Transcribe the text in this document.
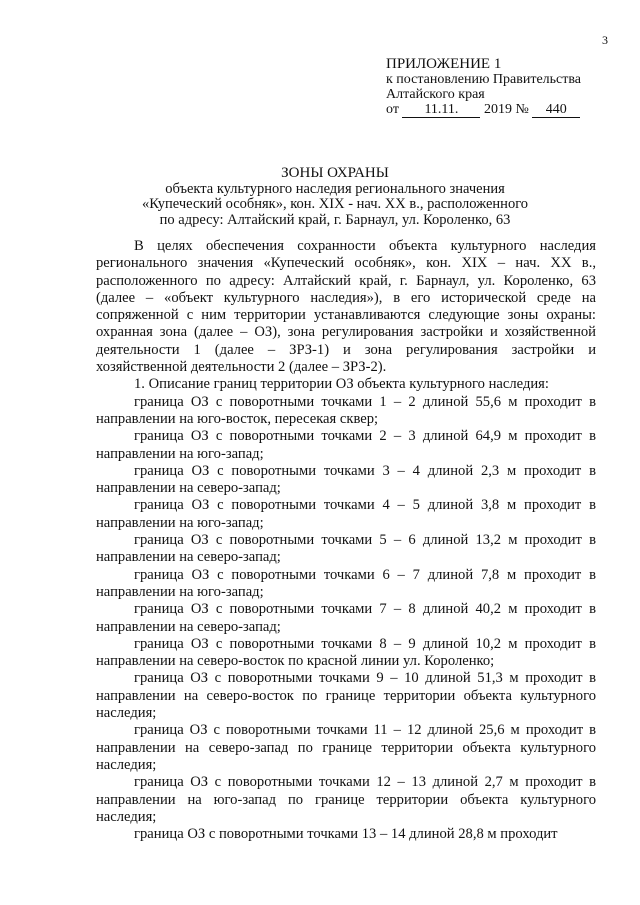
3
ПРИЛОЖЕНИЕ 1
к постановлению Правительства
Алтайского края
от 11.11. 2019 № 440
ЗОНЫ ОХРАНЫ
объекта культурного наследия регионального значения
«Купеческий особняк», кон. XIX - нач. XX в., расположенного
по адресу: Алтайский край, г. Барнаул, ул. Короленко, 63

В целях обеспечения сохранности объекта культурного наследия регионального значения «Купеческий особняк», кон. XIX – нач. XX в., расположенного по адресу: Алтайский край, г. Барнаул, ул. Короленко, 63 (далее – «объект культурного наследия»), в его исторической среде на сопряженной с ним территории устанавливаются следующие зоны охраны: охранная зона (далее – ОЗ), зона регулирования застройки и хозяйственной деятельности 1 (далее – ЗРЗ-1) и зона регулирования застройки и хозяйственной деятельности 2 (далее – ЗРЗ-2).

1. Описание границ территории ОЗ объекта культурного наследия:

граница ОЗ с поворотными точками 1 – 2 длиной 55,6 м проходит в направлении на юго-восток, пересекая сквер;

граница ОЗ с поворотными точками 2 – 3 длиной 64,9 м проходит в направлении на юго-запад;

граница ОЗ с поворотными точками 3 – 4 длиной 2,3 м проходит в направлении на северо-запад;

граница ОЗ с поворотными точками 4 – 5 длиной 3,8 м проходит в направлении на юго-запад;

граница ОЗ с поворотными точками 5 – 6 длиной 13,2 м проходит в направлении на северо-запад;

граница ОЗ с поворотными точками 6 – 7 длиной 7,8 м проходит в направлении на юго-запад;

граница ОЗ с поворотными точками 7 – 8 длиной 40,2 м проходит в направлении на северо-запад;

граница ОЗ с поворотными точками 8 – 9 длиной 10,2 м проходит в направлении на северо-восток по красной линии ул. Короленко;

граница ОЗ с поворотными точками 9 – 10 длиной 51,3 м проходит в направлении на северо-восток по границе территории объекта культурного наследия;

граница ОЗ с поворотными точками 11 – 12 длиной 25,6 м проходит в направлении на северо-запад по границе территории объекта культурного наследия;

граница ОЗ с поворотными точками 12 – 13 длиной 2,7 м проходит в направлении на юго-запад по границе территории объекта культурного наследия;

граница ОЗ с поворотными точками 13 – 14 длиной 28,8 м проходит
